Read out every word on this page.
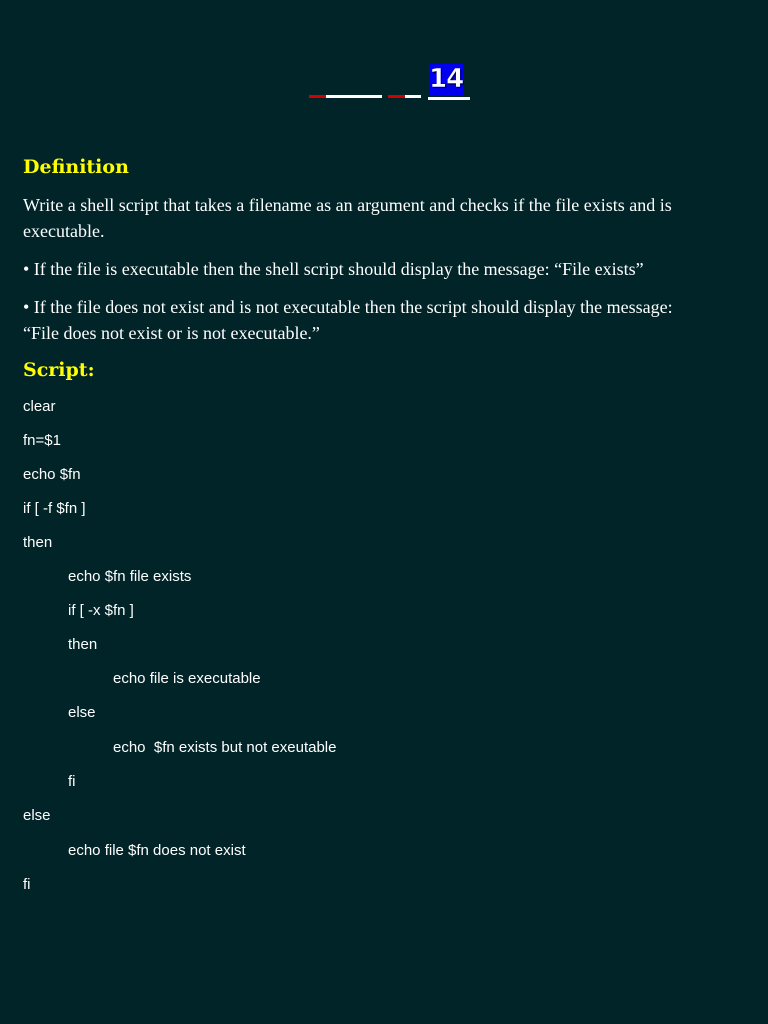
14
Definition

Write a shell script that takes a filename as an argument and checks if the file exists and is executable.

• If the file is executable then the shell script should display the message: “File exists”

• If the file does not exist and is not executable then the script should display the message: “File does not exist or is not executable.”

Script:
clear
fn=$1
echo $fn
if [ -f $fn ]
then
echo $fn file exists
if [ -x $fn ]
then
echo file is executable
else
echo  $fn exists but not exeutable
fi
else
echo file $fn does not exist
fi
